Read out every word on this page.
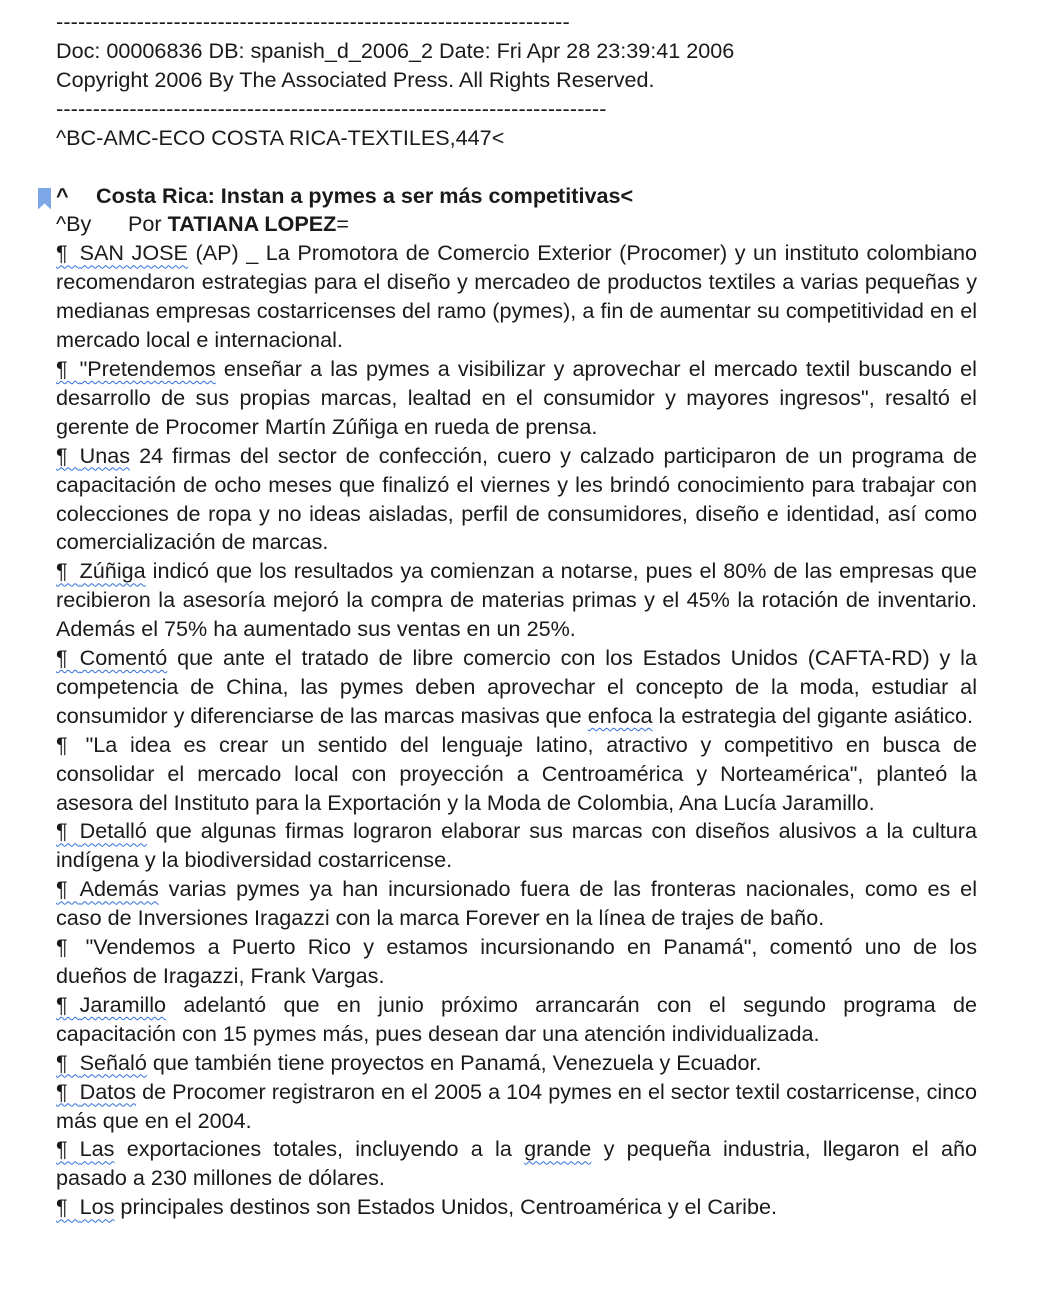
----------------------------------------------------------------------
Doc: 00006836 DB: spanish_d_2006_2 Date: Fri Apr 28 23:39:41 2006
Copyright 2006 By The Associated Press. All Rights Reserved.
---------------------------------------------------------------------------
^BC-AMC-ECO COSTA RICA-TEXTILES,447<
^ Costa Rica: Instan a pymes a ser más competitivas<
^By Por TATIANA LOPEZ=

¶  SAN JOSE (AP) _ La Promotora de Comercio Exterior (Procomer) y un instituto colombiano recomendaron estrategias para el diseño y mercadeo de productos textiles a varias pequeñas y medianas empresas costarricenses del ramo (pymes), a fin de aumentar su competitividad en el mercado local e internacional.

¶  "Pretendemos enseñar a las pymes a visibilizar y aprovechar el mercado textil buscando el desarrollo de sus propias marcas, lealtad en el consumidor y mayores ingresos", resaltó el gerente de Procomer Martín Zúñiga en rueda de prensa.

¶  Unas 24 firmas del sector de confección, cuero y calzado participaron de un programa de capacitación de ocho meses que finalizó el viernes y les brindó conocimiento para trabajar con colecciones de ropa y no ideas aisladas, perfil de consumidores, diseño e identidad, así como comercialización de marcas.

¶  Zúñiga indicó que los resultados ya comienzan a notarse, pues el 80% de las empresas que recibieron la asesoría mejoró la compra de materias primas y el 45% la rotación de inventario. Además el 75% ha aumentado sus ventas en un 25%.

¶  Comentó que ante el tratado de libre comercio con los Estados Unidos (CAFTA-RD) y la competencia de China, las pymes deben aprovechar el concepto de la moda, estudiar al consumidor y diferenciarse de las marcas masivas que enfoca la estrategia del gigante asiático.

¶   "La idea es crear un sentido del lenguaje latino, atractivo y competitivo en busca de consolidar el mercado local con proyección a Centroamérica y Norteamérica", planteó la asesora del Instituto para la Exportación y la Moda de Colombia, Ana Lucía Jaramillo.

¶  Detalló que algunas firmas lograron elaborar sus marcas con diseños alusivos a la cultura indígena y la biodiversidad costarricense.

¶  Además varias pymes ya han incursionado fuera de las fronteras nacionales, como es el caso de Inversiones Iragazzi con la marca Forever en la línea de trajes de baño.

¶   "Vendemos a Puerto Rico y estamos incursionando en Panamá", comentó uno de los dueños de Iragazzi, Frank Vargas.

¶  Jaramillo adelantó que en junio próximo arrancarán con el segundo programa de capacitación con 15 pymes más, pues desean dar una atención individualizada.

¶  Señaló que también tiene proyectos en Panamá, Venezuela y Ecuador.

¶  Datos de Procomer registraron en el 2005 a 104 pymes en el sector textil costarricense, cinco más que en el 2004.

¶  Las exportaciones totales, incluyendo a la grande y pequeña industria, llegaron el año pasado a 230 millones de dólares.

¶  Los principales destinos son Estados Unidos, Centroamérica y el Caribe.
